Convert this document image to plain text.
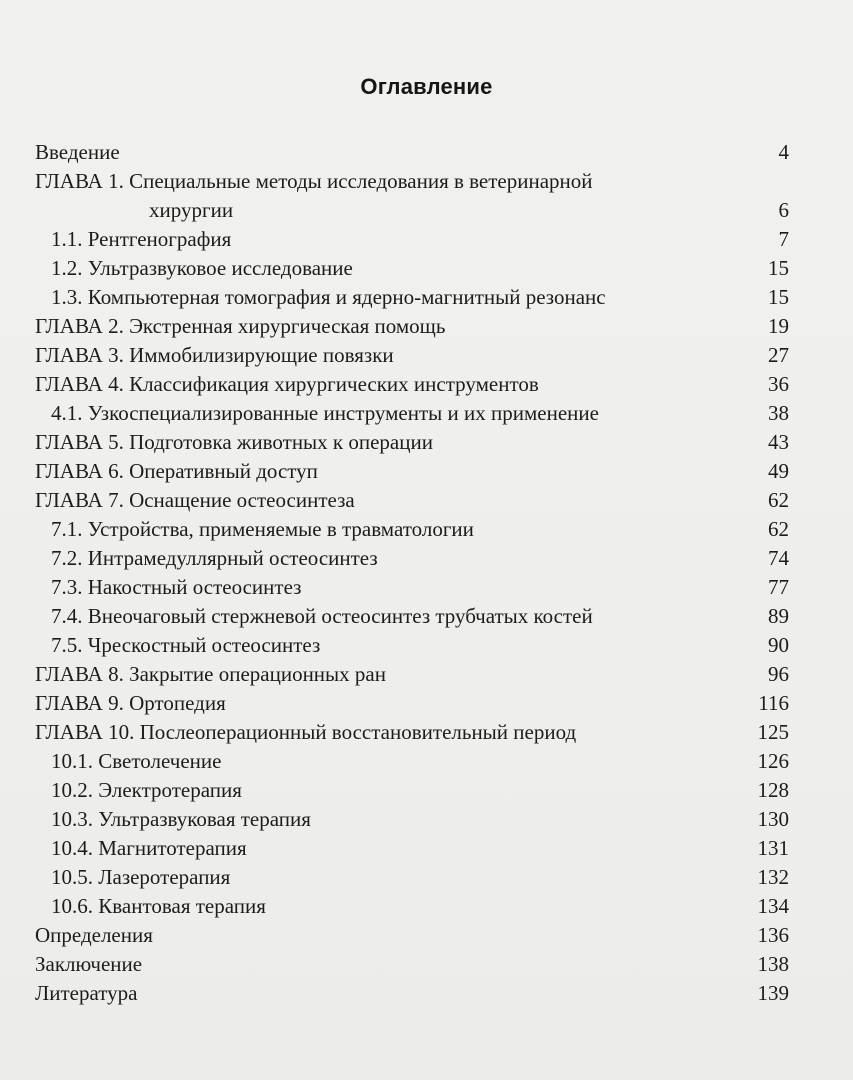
Оглавление
Введение	4
ГЛАВА 1. Специальные методы исследования в ветеринарной
хирургии	6
1.1. Рентгенография	7
1.2. Ультразвуковое исследование	15
1.3. Компьютерная томография и ядерно-магнитный резонанс	15
ГЛАВА 2. Экстренная хирургическая помощь	19
ГЛАВА 3. Иммобилизирующие повязки	27
ГЛАВА 4. Классификация хирургических инструментов	36
4.1. Узкоспециализированные инструменты и их применение	38
ГЛАВА 5. Подготовка животных к операции	43
ГЛАВА 6. Оперативный доступ	49
ГЛАВА 7. Оснащение остеосинтеза	62
7.1. Устройства, применяемые в травматологии	62
7.2. Интрамедуллярный остеосинтез	74
7.3. Накостный остеосинтез	77
7.4. Внеочаговый стержневой остеосинтез трубчатых костей	89
7.5. Чрескостный остеосинтез	90
ГЛАВА 8. Закрытие операционных ран	96
ГЛАВА 9. Ортопедия	116
ГЛАВА 10. Послеоперационный восстановительный период	125
10.1. Светолечение	126
10.2. Электротерапия	128
10.3. Ультразвуковая терапия	130
10.4. Магнитотерапия	131
10.5. Лазеротерапия	132
10.6. Квантовая терапия	134
Определения	136
Заключение	138
Литература	139
